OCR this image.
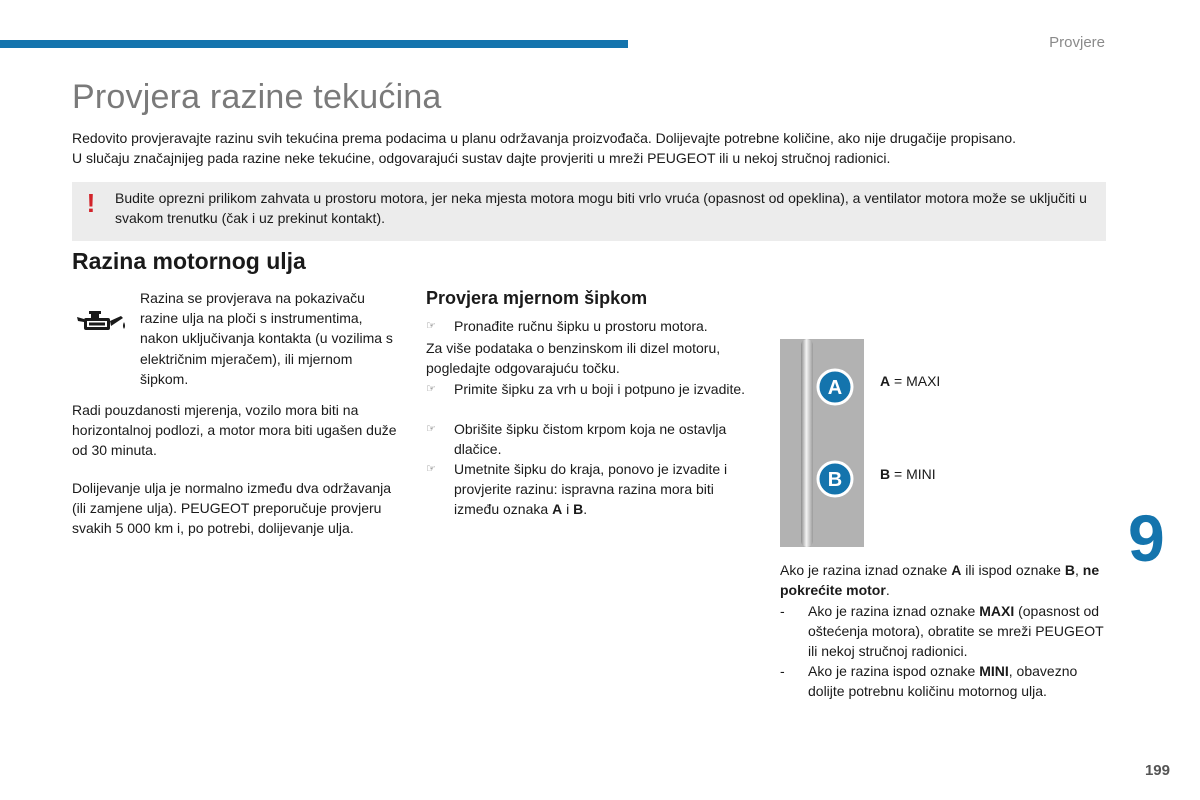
Provjere
Provjera razine tekućina

Redovito provjeravajte razinu svih tekućina prema podacima u planu održavanja proizvođača. Dolijevajte potrebne količine, ako nije drugačije propisano.

U slučaju značajnijeg pada razine neke tekućine, odgovarajući sustav dajte provjeriti u mreži PEUGEOT ili u nekoj stručnoj radionici.

! Budite oprezni prilikom zahvata u prostoru motora, jer neka mjesta motora mogu biti vrlo vruća (opasnost od opeklina), a ventilator motora može se uključiti u svakom trenutku (čak i uz prekinut kontakt).
Razina motornog ulja
Razina se provjerava na pokazivaču razine ulja na ploči s instrumentima, nakon uključivanja kontakta (u vozilima s električnim mjeračem), ili mjernom šipkom.
Radi pouzdanosti mjerenja, vozilo mora biti na horizontalnoj podlozi, a motor mora biti ugašen duže od 30 minuta.
Dolijevanje ulja je normalno između dva održavanja (ili zamjene ulja). PEUGEOT preporučuje provjeru svakih 5 000 km i, po potrebi, dolijevanje ulja.
Provjera mjernom šipkom
☞ Pronađite ručnu šipku u prostoru motora.
Za više podataka o benzinskom ili dizel motoru, pogledajte odgovarajuću točku.
☞ Primite šipku za vrh u boji i potpuno je izvadite.
☞ Obrišite šipku čistom krpom koja ne ostavlja dlačice.
☞ Umetnite šipku do kraja, ponovo je izvadite i provjerite razinu: ispravna razina mora biti između oznaka A i B.
A
B
A = MAXI
B = MINI
Ako je razina iznad oznake A ili ispod oznake B, ne pokrećite motor.
- Ako je razina iznad oznake MAXI (opasnost od oštećenja motora), obratite se mreži PEUGEOT ili nekoj stručnoj radionici.
- Ako je razina ispod oznake MINI, obavezno dolijte potrebnu količinu motornog ulja.
9
199
